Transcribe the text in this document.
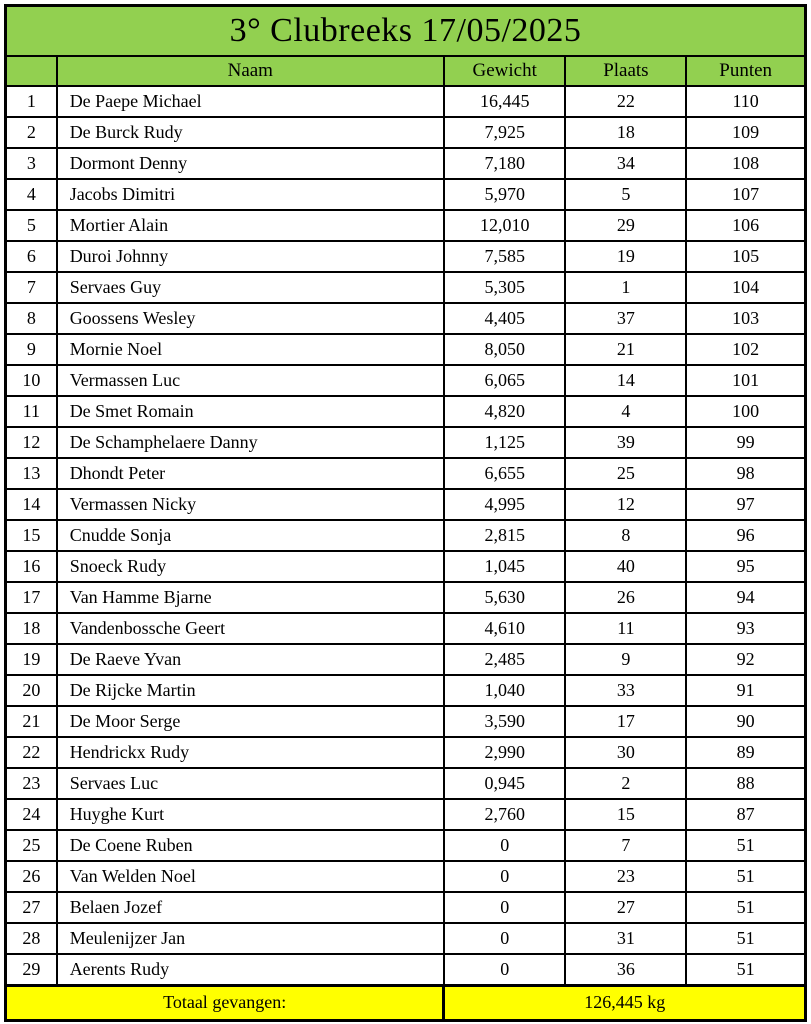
3° Clubreeks 17/05/2025				
	Naam	Gewicht	Plaats	Punten
1	De Paepe Michael	16,445	22	110
2	De Burck Rudy	7,925	18	109
3	Dormont Denny	7,180	34	108
4	Jacobs Dimitri	5,970	5	107
5	Mortier Alain	12,010	29	106
6	Duroi Johnny	7,585	19	105
7	Servaes Guy	5,305	1	104
8	Goossens Wesley	4,405	37	103
9	Mornie Noel	8,050	21	102
10	Vermassen Luc	6,065	14	101
11	De Smet Romain	4,820	4	100
12	De Schamphelaere Danny	1,125	39	99
13	Dhondt Peter	6,655	25	98
14	Vermassen Nicky	4,995	12	97
15	Cnudde Sonja	2,815	8	96
16	Snoeck Rudy	1,045	40	95
17	Van Hamme Bjarne	5,630	26	94
18	Vandenbossche Geert	4,610	11	93
19	De Raeve Yvan	2,485	9	92
20	De Rijcke Martin	1,040	33	91
21	De Moor Serge	3,590	17	90
22	Hendrickx Rudy	2,990	30	89
23	Servaes Luc	0,945	2	88
24	Huyghe Kurt	2,760	15	87
25	De Coene Ruben	0	7	51
26	Van Welden Noel	0	23	51
27	Belaen Jozef	0	27	51
28	Meulenijzer Jan	0	31	51
29	Aerents Rudy	0	36	51
Totaal gevangen:		126,445 kg		
